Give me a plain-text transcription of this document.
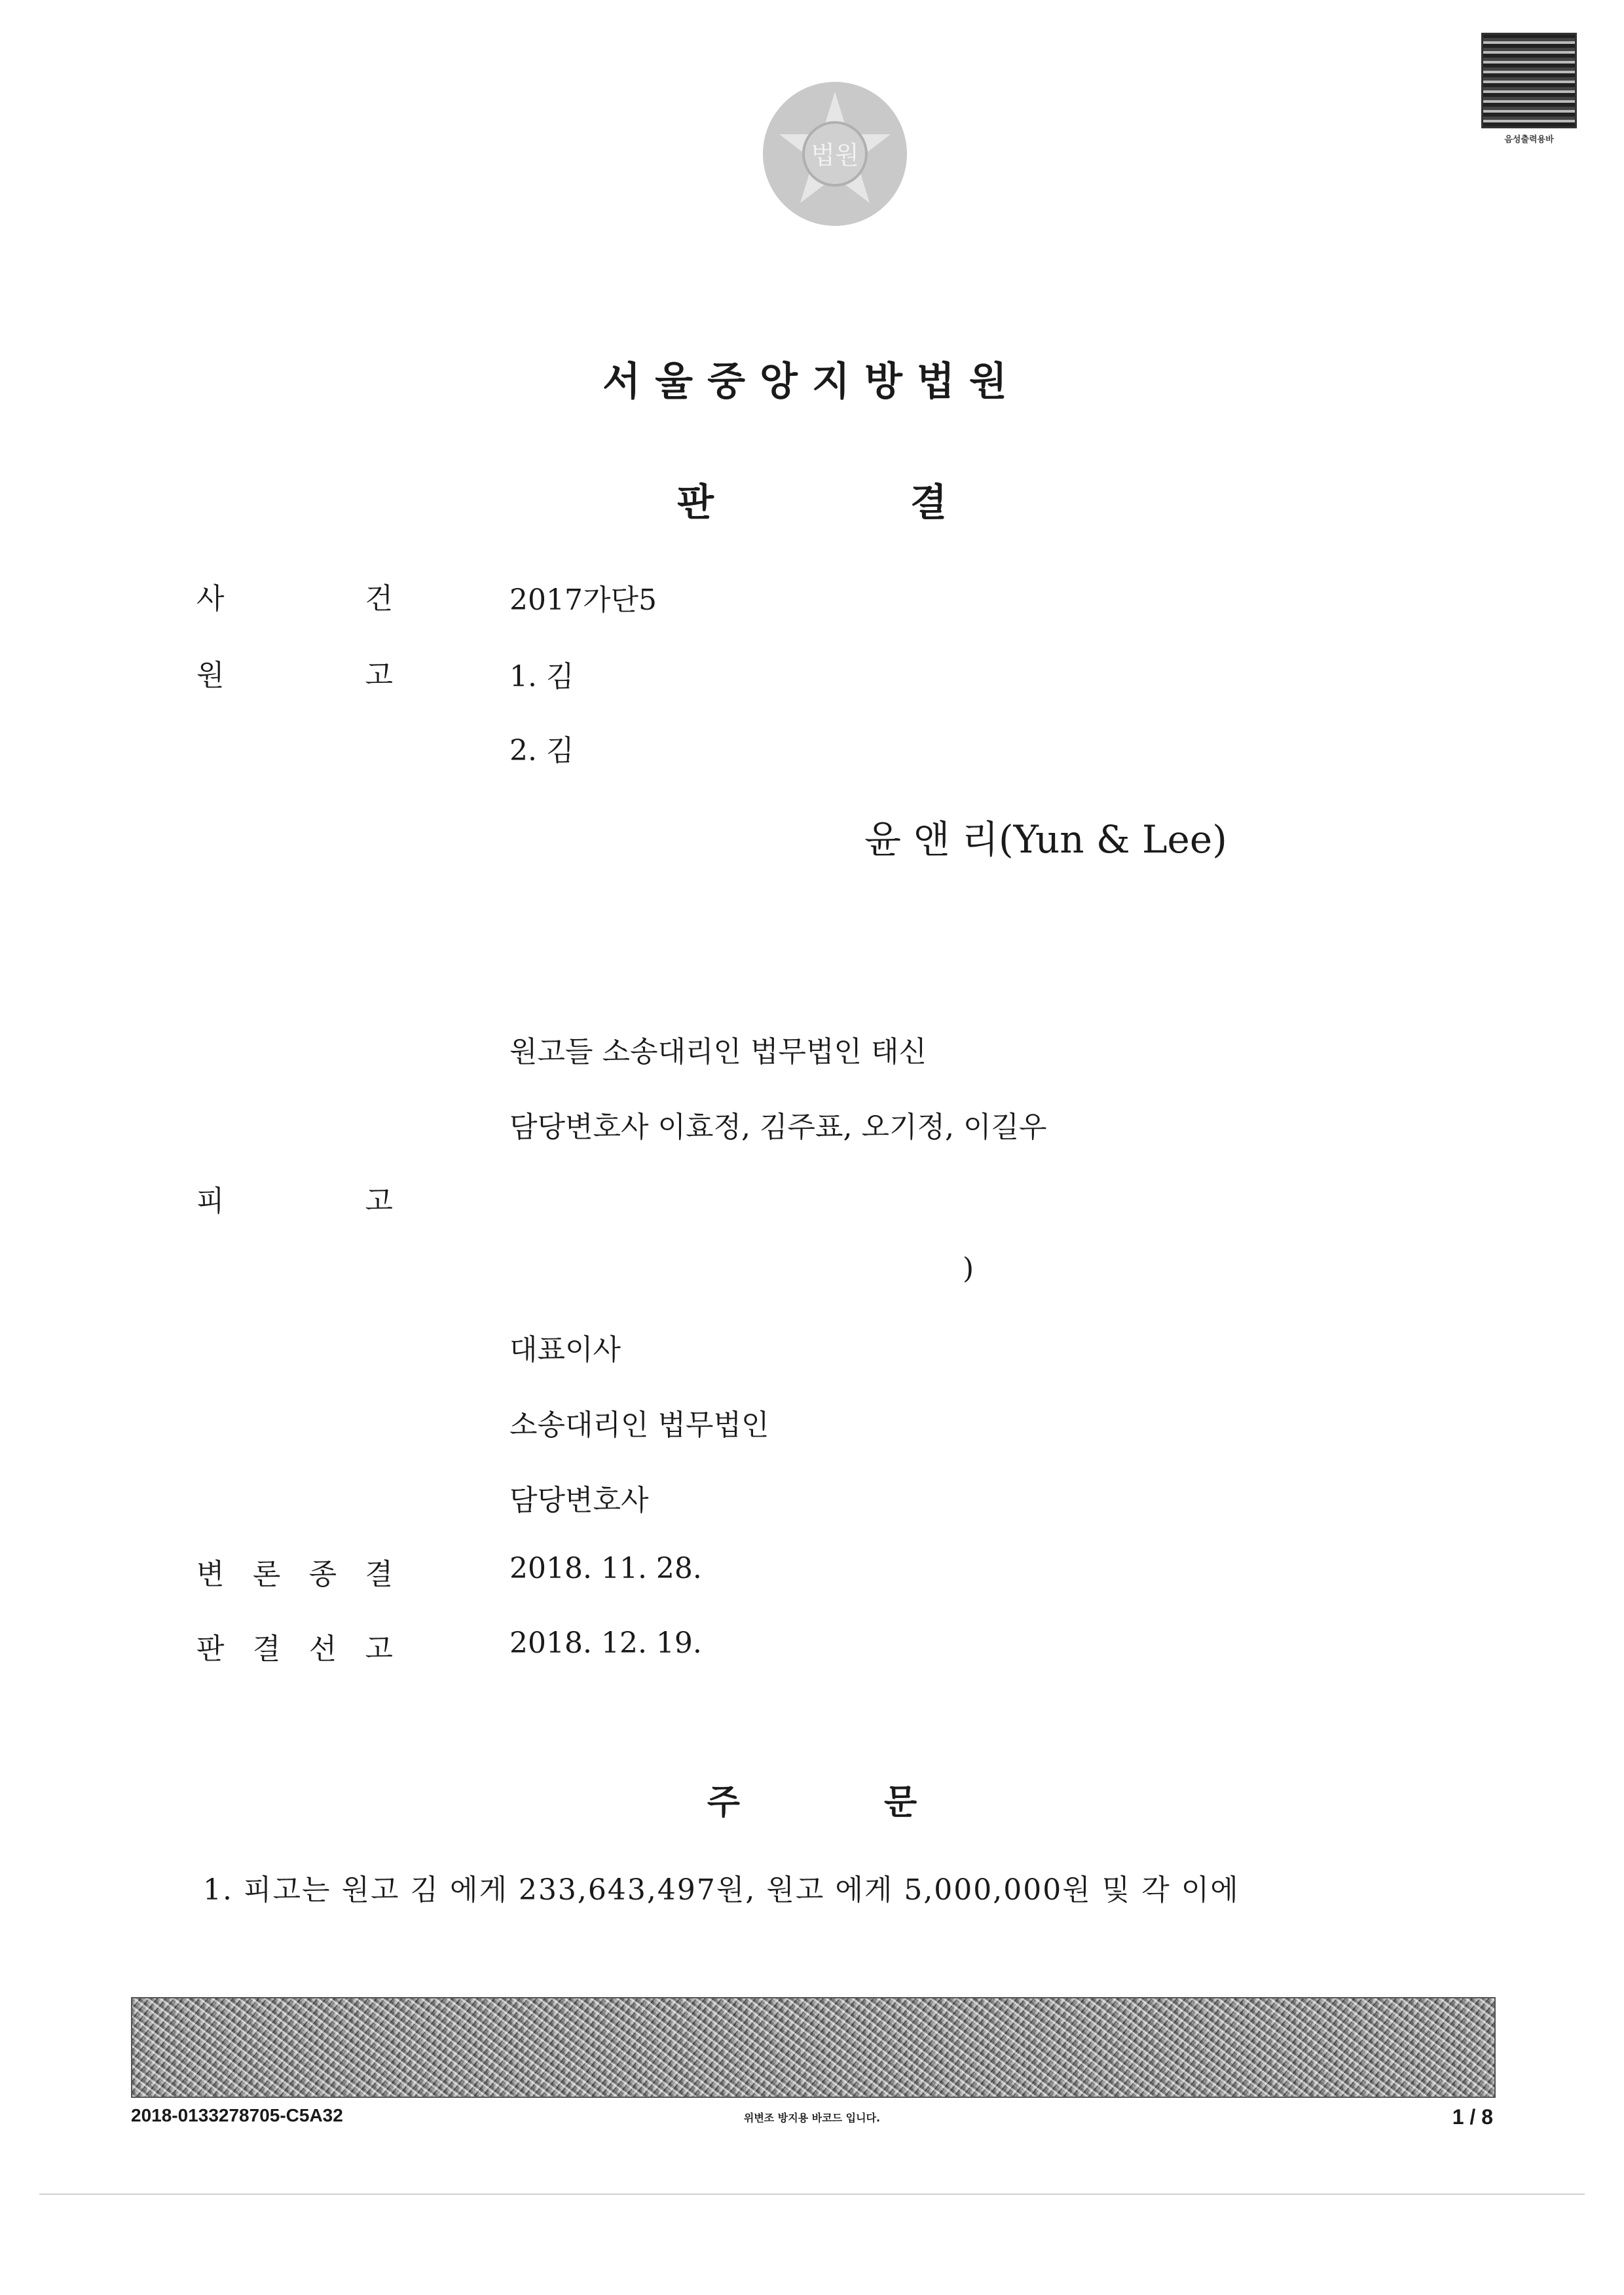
법원
음성출력용바
서울중앙지방법원
판	결
사	건	2017가단5
원	고	1. 김
2. 김
윤 앤 리(Yun & Lee)
원고들 소송대리인 법무법인 태신
담당변호사 이효정, 김주표, 오기정, 이길우
피	고
)
대표이사
소송대리인 법무법인
담당변호사
변 론 종 결	2018. 11. 28.
판 결 선 고	2018. 12. 19.
주	문
1. 피고는 원고 김 에게 233,643,497원, 원고 에게 5,000,000원 및 각 이에
2018-0133278705-C5A32	위변조 방지용 바코드 입니다.	1 / 8
